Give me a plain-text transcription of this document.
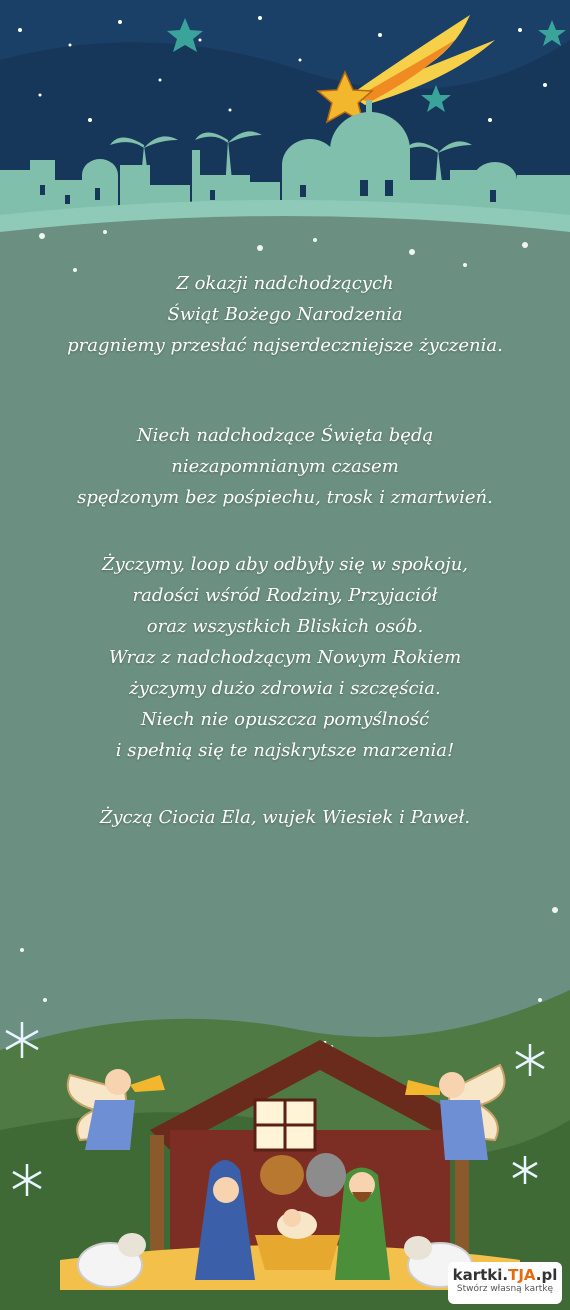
Z okazji nadchodzących
Świąt Bożego Narodzenia
pragniemy przesłać najserdeczniejsze życzenia.

Niech nadchodzące Święta będą
niezapomnianym czasem
spędzonym bez pośpiechu, trosk i zmartwień.

Życzymy, loop aby odbyły się w spokoju,
radości wśród Rodziny, Przyjaciół
oraz wszystkich Bliskich osób.
Wraz z nadchodzącym Nowym Rokiem
życzymy dużo zdrowia i szczęścia.
Niech nie opuszcza pomyślność
i spełnią się te najskrytsze marzenia!

Życzą Ciocia Ela, wujek Wiesiek i Paweł.

kartki.TJA.pl
Stwórz własną kartkę
